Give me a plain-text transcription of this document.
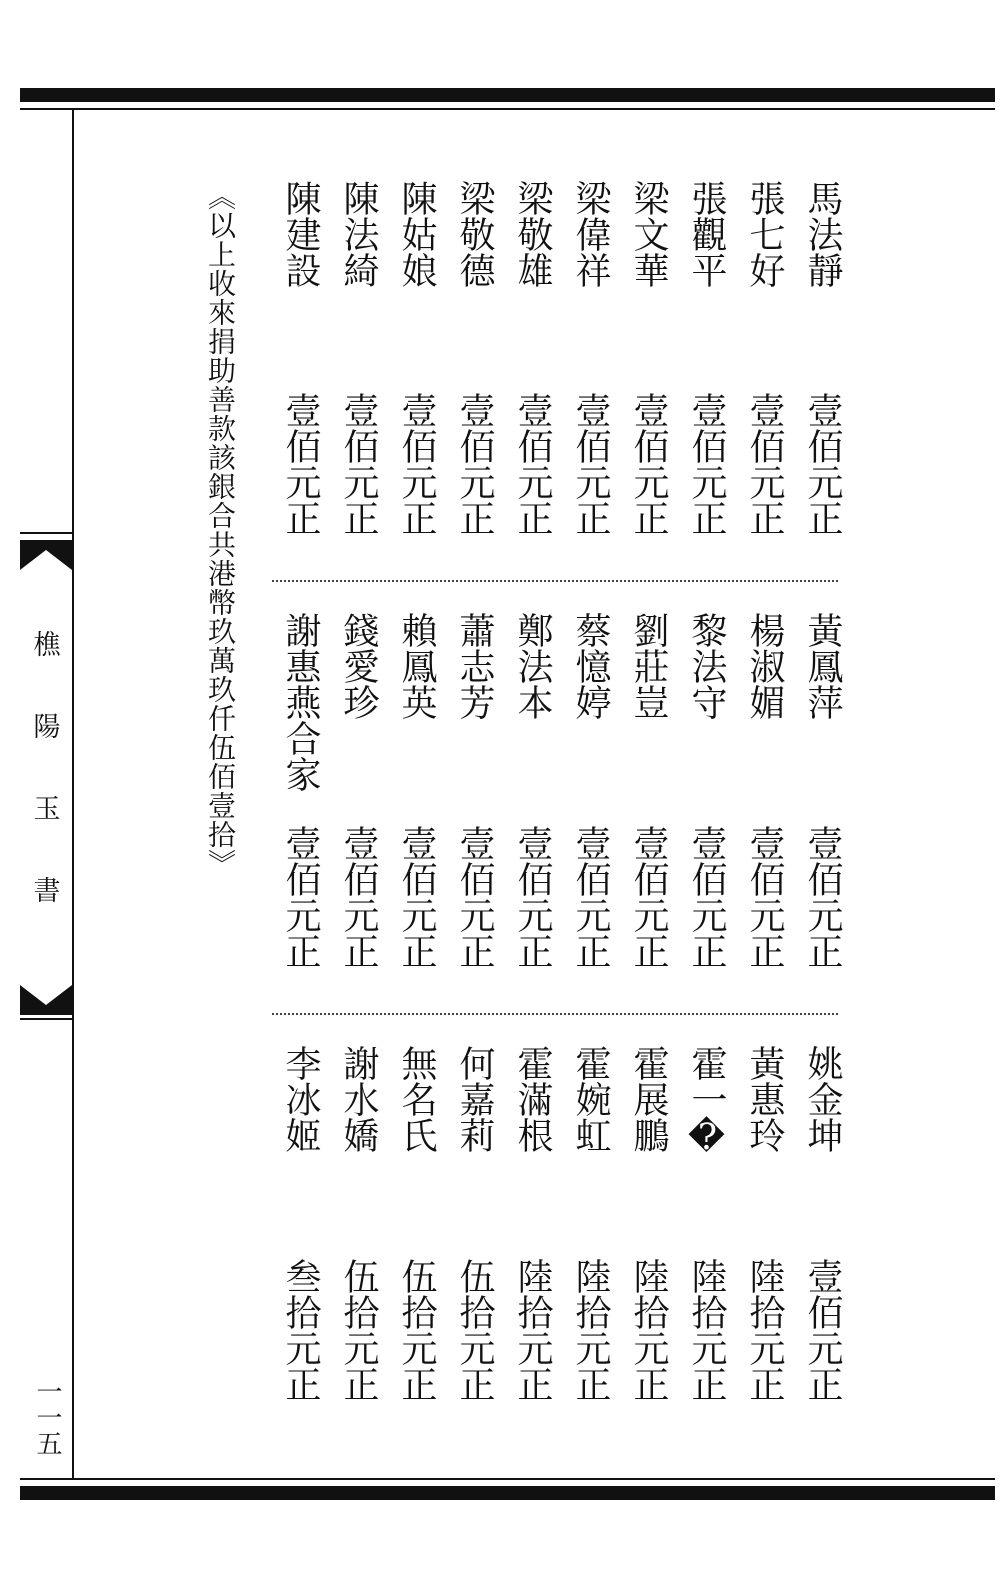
樵
陽
玉
書
一一五
《以上收來捐助善款該銀合共港幣玖萬玖仟伍佰壹拾》	馬法靜
壹佰元正
張七好
壹佰元正
張觀平
壹佰元正
梁文華
壹佰元正
梁偉祥
壹佰元正
梁敬雄
壹佰元正
梁敬德
壹佰元正
陳姑娘
壹佰元正
陳法綺
壹佰元正
陳建設
壹佰元正
黃鳳萍
壹佰元正
楊淑媚
壹佰元正
黎法守
壹佰元正
劉莊豈
壹佰元正
蔡憶婷
壹佰元正
鄭法本
壹佰元正
蕭志芳
壹佰元正
賴鳳英
壹佰元正
錢愛珍
壹佰元正
謝惠燕合家
壹佰元正
姚金坤
壹佰元正
黃惠玲
陸拾元正
霍一�
陸拾元正
霍展鵬
陸拾元正
霍婉虹
陸拾元正
霍滿根
陸拾元正
何嘉莉
伍拾元正
無名氏
伍拾元正
謝水嬌
伍拾元正
李冰姬
叁拾元正
